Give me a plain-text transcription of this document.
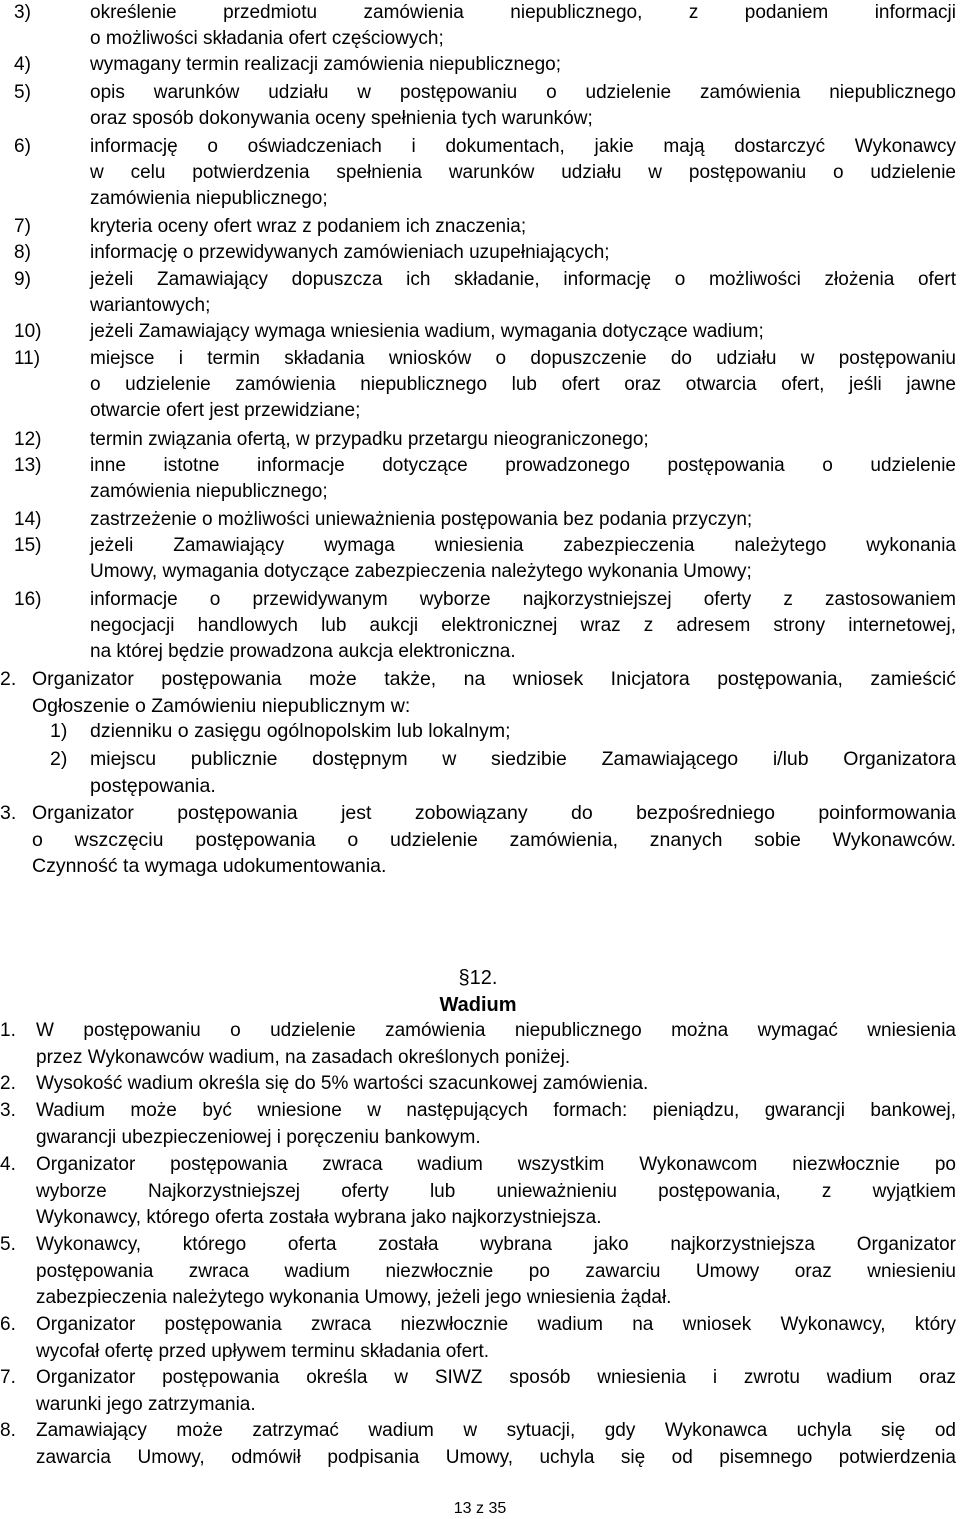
3)	określenie przedmiotu zamówienia niepublicznego, z podaniem informacji
o możliwości składania ofert częściowych;
4)	wymagany termin realizacji zamówienia niepublicznego;
5)	opis warunków udziału w postępowaniu o udzielenie zamówienia niepublicznego
oraz sposób dokonywania oceny spełnienia tych warunków;
6)	informację o oświadczeniach i dokumentach, jakie mają dostarczyć Wykonawcy
w celu potwierdzenia spełnienia warunków udziału w postępowaniu o udzielenie
zamówienia niepublicznego;
7)	kryteria oceny ofert wraz z podaniem ich znaczenia;
8)	informację o przewidywanych zamówieniach uzupełniających;
9)	jeżeli Zamawiający dopuszcza ich składanie, informację o możliwości złożenia ofert
wariantowych;
10)	jeżeli Zamawiający wymaga wniesienia wadium, wymagania dotyczące wadium;
11)	miejsce i termin składania wniosków o dopuszczenie do udziału w postępowaniu
o udzielenie zamówienia niepublicznego lub ofert oraz otwarcia ofert, jeśli jawne
otwarcie ofert jest przewidziane;
12)	termin związania ofertą, w przypadku przetargu nieograniczonego;
13)	inne istotne informacje dotyczące prowadzonego postępowania o udzielenie
zamówienia niepublicznego;
14)	zastrzeżenie o możliwości unieważnienia postępowania bez podania przyczyn;
15)	jeżeli Zamawiający wymaga wniesienia zabezpieczenia należytego wykonania
Umowy, wymagania dotyczące zabezpieczenia należytego wykonania Umowy;
16)	informacje o przewidywanym wyborze najkorzystniejszej oferty z zastosowaniem
negocjacji handlowych lub aukcji elektronicznej wraz z adresem strony internetowej,
na której będzie prowadzona aukcja elektroniczna.
2. Organizator postępowania może także, na wniosek Inicjatora postępowania, zamieścić
Ogłoszenie o Zamówieniu niepublicznym w:
1)	dzienniku o zasięgu ogólnopolskim lub lokalnym;
2)	miejscu publicznie dostępnym w siedzibie Zamawiającego i/lub Organizatora
postępowania.
3. Organizator postępowania jest zobowiązany do bezpośredniego poinformowania
o wszczęciu postępowania o udzielenie zamówienia, znanych sobie Wykonawców.
Czynność ta wymaga udokumentowania.
§12.
Wadium
1.	W postępowaniu o udzielenie zamówienia niepublicznego można wymagać wniesienia
przez Wykonawców wadium, na zasadach określonych poniżej.
2.	Wysokość wadium określa się do 5% wartości szacunkowej zamówienia.
3.	Wadium może być wniesione w następujących formach: pieniądzu, gwarancji bankowej,
gwarancji ubezpieczeniowej i poręczeniu bankowym.
4.	Organizator postępowania zwraca wadium wszystkim Wykonawcom niezwłocznie po
wyborze Najkorzystniejszej oferty lub unieważnieniu postępowania, z wyjątkiem
Wykonawcy, którego oferta została wybrana jako najkorzystniejsza.
5.	Wykonawcy, którego oferta została wybrana jako najkorzystniejsza Organizator
postępowania zwraca wadium niezwłocznie po zawarciu Umowy oraz wniesieniu
zabezpieczenia należytego wykonania Umowy, jeżeli jego wniesienia żądał.
6.	Organizator postępowania zwraca niezwłocznie wadium na wniosek Wykonawcy, który
wycofał ofertę przed upływem terminu składania ofert.
7.	Organizator postępowania określa w SIWZ sposób wniesienia i zwrotu wadium oraz
warunki jego zatrzymania.
8.	Zamawiający może zatrzymać wadium w sytuacji, gdy Wykonawca uchyla się od
zawarcia Umowy, odmówił podpisania Umowy, uchyla się od pisemnego potwierdzenia
13 z 35
